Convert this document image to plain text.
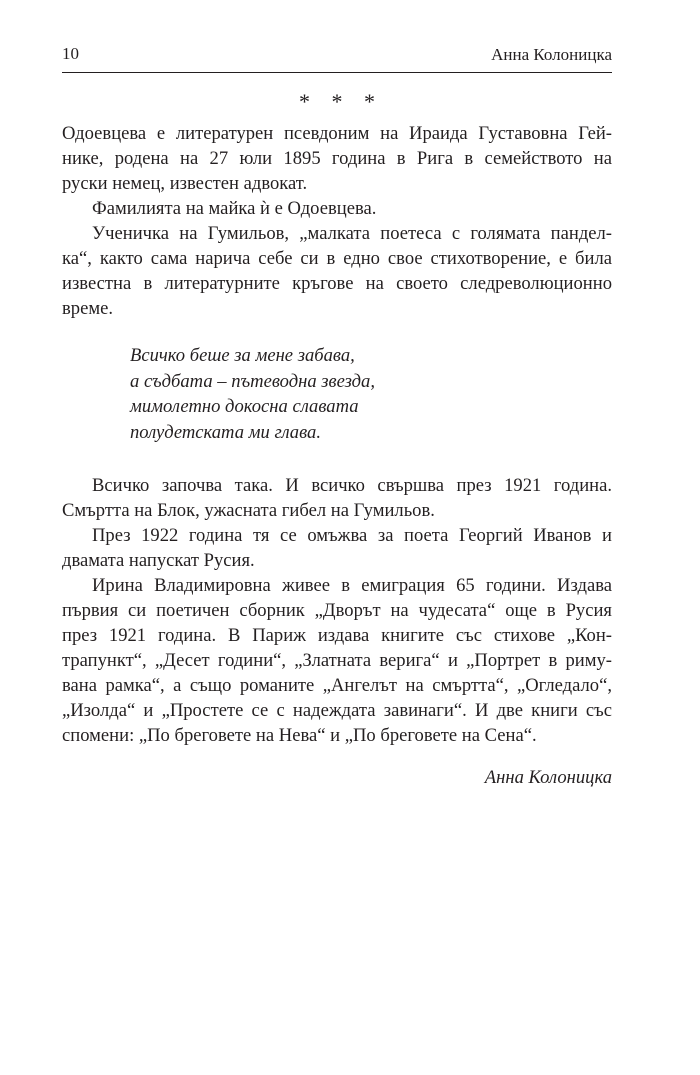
10	Анна Колоницка
* * *
Одоевцева е литературен псевдоним на Ираида Густавовна Гей-
нике, родена на 27 юли 1895 година в Рига в семейството на
руски немец, известен адвокат.
Фамилията на майка ѝ е Одоевцева.
Ученичка на Гумильов, „малката поетеса с голямата пандел-
ка“, както сама нарича себе си в едно свое стихотворение, е била
известна в литературните кръгове на своето следреволюционно
време.
Всичко беше за мене забава,
а съдбата – пътеводна звезда,
мимолетно докосна славата
полудетската ми глава.
Всичко започва така. И всичко свършва през 1921 година.
Смъртта на Блок, ужасната гибел на Гумильов.
През 1922 година тя се омъжва за поета Георгий Иванов и
двамата напускат Русия.
Ирина Владимировна живее в емиграция 65 години. Издава
първия си поетичен сборник „Дворът на чудесата“ още в Русия
през 1921 година. В Париж издава книгите със стихове „Кон-
трапункт“, „Десет години“, „Златната верига“ и „Портрет в риму-
вана рамка“, а също романите „Ангелът на смъртта“, „Огледало“,
„Изолда“ и „Простете се с надеждата завинаги“. И две книги със
спомени: „По бреговете на Нева“ и „По бреговете на Сена“.
Анна Колоницка
